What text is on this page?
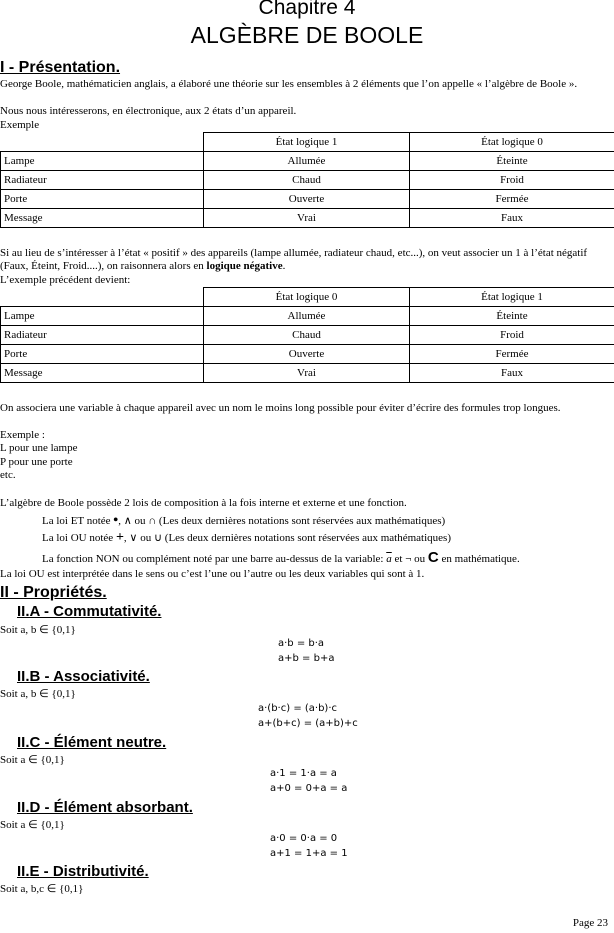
Chapitre 4
ALGÈBRE DE BOOLE
I - Présentation.
George Boole, mathématicien anglais, a élaboré une théorie sur les ensembles à 2 éléments que l’on appelle « l’algèbre de Boole ».
Nous nous intéresserons, en électronique, aux 2 états d’un appareil.
Exemple
	État logique 1	État logique 0
Lampe	Allumée	Éteinte
Radiateur	Chaud	Froid
Porte	Ouverte	Fermée
Message	Vrai	Faux
Si au lieu de s’intéresser à l’état « positif » des appareils (lampe allumée, radiateur chaud, etc...), on veut associer un 1 à l’état négatif (Faux, Éteint, Froid....), on raisonnera alors en logique négative.
L’exemple précédent devient:
	État logique 0	État logique 1
Lampe	Allumée	Éteinte
Radiateur	Chaud	Froid
Porte	Ouverte	Fermée
Message	Vrai	Faux
On associera une variable à chaque appareil avec un nom le moins long possible pour éviter d’écrire des formules trop longues.
Exemple :
L pour une lampe
P pour une porte
etc.
L’algèbre de Boole possède 2 lois de composition à la fois interne et externe et une fonction.
La loi ET notée •, ∧ ou ∩ (Les deux dernières notations sont réservées aux mathématiques)
La loi OU notée +, ∨ ou ∪ (Les deux dernières notations sont réservées aux mathématiques)
La fonction NON ou complément noté par une barre au-dessus de la variable: $\overline{a}$ et ¬ ou C en mathématique.
La loi OU est interprétée dans le sens ou c’est l’une ou l’autre ou les deux variables qui sont à 1.
II - Propriétés.
II.A - Commutativité.
Soit a, b ∈ {0,1}
a·b = b·a
a+b = b+a
II.B - Associativité.
Soit a, b ∈ {0,1}
a·(b·c) = (a·b)·c
a+(b+c) = (a+b)+c
II.C - Élément neutre.
Soit a ∈ {0,1}
a·1 = 1·a = a
a+0 = 0+a = a
II.D - Élément absorbant.
Soit a ∈ {0,1}
a·0 = 0·a = 0
a+1 = 1+a = 1
II.E - Distributivité.
Soit a, b,c ∈ {0,1}
Page 23
